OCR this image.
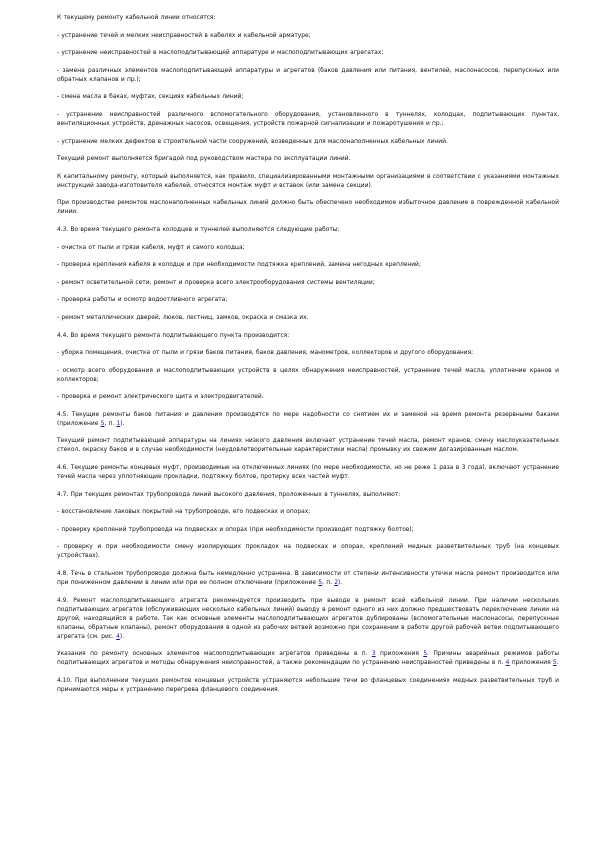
К текущему ремонту кабельной линии относятся:

- устранение течей и мелких неисправностей в кабелях и кабельной арматуре;

- устранение неисправностей в маслоподпитывающей аппаратуре и маслоподпитывающих агрегатах;

- замена различных элементов маслоподпитывающей аппаратуры и агрегатов (баков давления или питания, вентилей, маслонасосов, перепускных или обратных клапанов и пр.);

- смена масла в баках, муфтах, секциях кабельных линий;

- устранение неисправностей различного вспомогательного оборудования, установленного в туннелях, колодцах, подпитывающих пунктах, вентиляционных устройств, дренажных насосов, освещения, устройств пожарной сигнализации и пожаротушения и пр.;

- устранение мелких дефектов в строительной части сооружений, возведенных для маслонаполненных кабельных линий.

Текущий ремонт выполняется бригадой под руководством мастера по эксплуатации линий.

К капитальному ремонту, который выполняется, как правило, специализированными монтажными организациями в соответствии с указаниями монтажных инструкций завода-изготовителя кабелей, относятся монтаж муфт и вставок (или замена секции).

При производстве ремонтов маслонаполненных кабельных линий должно быть обеспечено необходимое избыточное давление в поврежденной кабельной линии.

4.3. Во время текущего ремонта колодцев и туннелей выполняются следующие работы:

- очистка от пыли и грязи кабеля, муфт и самого колодца;

- проверка крепления кабеля в колодце и при необходимости подтяжка креплений, замена негодных креплений;

- ремонт осветительной сети, ремонт и проверка всего электрооборудования системы вентиляции;

- проверка работы и осмотр водоотливного агрегата;

- ремонт металлических дверей, люков, лестниц, замков, окраска и смазка их.

4.4. Во время текущего ремонта подпитывающего пункта производится:

- уборка помещения, очистка от пыли и грязи баков питания, баков давления, манометров, коллекторов и другого оборудования;

- осмотр всего оборудования и маслоподпитывающих устройств в целях обнаружения неисправностей, устранение течей масла, уплотнение кранов и коллекторов;

- проверка и ремонт электрического щита и электродвигателей.

4.5. Текущие ремонты баков питания и давления производятся по мере надобности со снятием их и заменой на время ремонта резервными баками (приложение 5, п. 1).

Текущий ремонт подпитывающей аппаратуры на линиях низкого давления включает устранение течей масла, ремонт кранов, смену маслоуказательных стекол, окраску баков и в случае необходимости (неудовлетворительные характеристики масла) промывку их свежим дегазированным маслом.

4.6. Текущие ремонты концевых муфт, производимые на отключенных линиях (по мере необходимости, но не реже 1 раза в 3 года), включают устранение течей масла через уплотняющие прокладки, подтяжку болтов, протирку всех частей муфт.

4.7. При текущих ремонтах трубопровода линий высокого давления, проложенных в туннелях, выполняют:

- восстановление лаковых покрытий на трубопроводе, его подвесках и опорах;

- проверку креплений трубопровода на подвесках и опорах (при необходимости производят подтяжку болтов);

- проверку и при необходимости смену изолирующих прокладок на подвесках и опорах, креплений медных разветвительных труб (на концевых устройствах).

4.8. Течь в стальном трубопроводе должна быть немедленно устранена. В зависимости от степени интенсивности утечки масла ремонт производится или при пониженном давлении в линии или при ее полном отключении (приложение 5, п. 2).

4.9. Ремонт маслоподпитывающего агрегата рекомендуется производить при выводе в ремонт всей кабельной линии. При наличии нескольких подпитывающих агрегатов (обслуживающих несколько кабельных линий) выводу в ремонт одного из них должно предшествовать переключение линии на другой, находящийся в работе. Так как основные элементы маслоподпитывающих агрегатов дублированы (вспомогательные маслонасосы, перепускные клапаны, обратные клапаны), ремонт оборудования в одной из рабочих ветвей возможно при сохранении в работе другой рабочей ветви подпитывающего агрегата (см. рис. 4).

Указания по ремонту основных элементов маслоподпитывающих агрегатов приведены в п. 3 приложения 5. Причины аварийных режимов работы подпитывающих агрегатов и методы обнаружения неисправностей, а также рекомендации по устранению неисправностей приведены в п. 4 приложения 5.

4.10. При выполнении текущих ремонтов концевых устройств устраняются небольшие течи во фланцевых соединениях медных разветвительных труб и принимаются меры к устранению перегрева фланцевого соединения.
